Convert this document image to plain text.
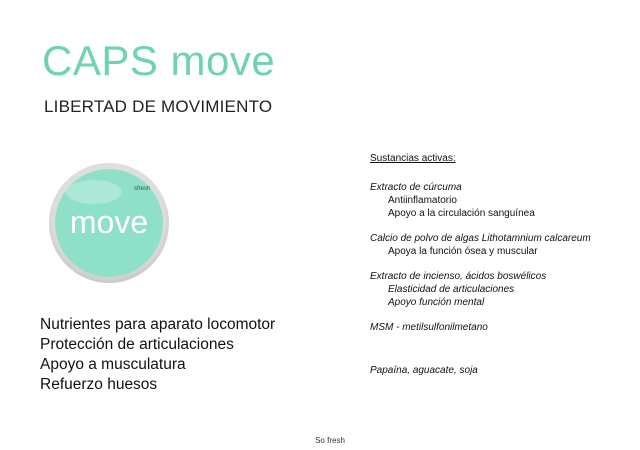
CAPS move
LIBERTAD DE MOVIMIENTO
sfresh
move
Nutrientes para aparato locomotor
Protección de articulaciones
Apoyo a musculatura
Refuerzo huesos
Sustancias activas:
Extracto de cúrcuma
Antiinflamatorio
Apoyo a la circulación sanguínea
Calcio de polvo de algas Lithotamnium calcareum
Apoya la función ósea y muscular
Extracto de incienso, ácidos boswélicos
Elasticidad de articulaciones
Apoyo función mental
MSM - metilsulfonilmetano
Papaína, aguacate, soja
So fresh
